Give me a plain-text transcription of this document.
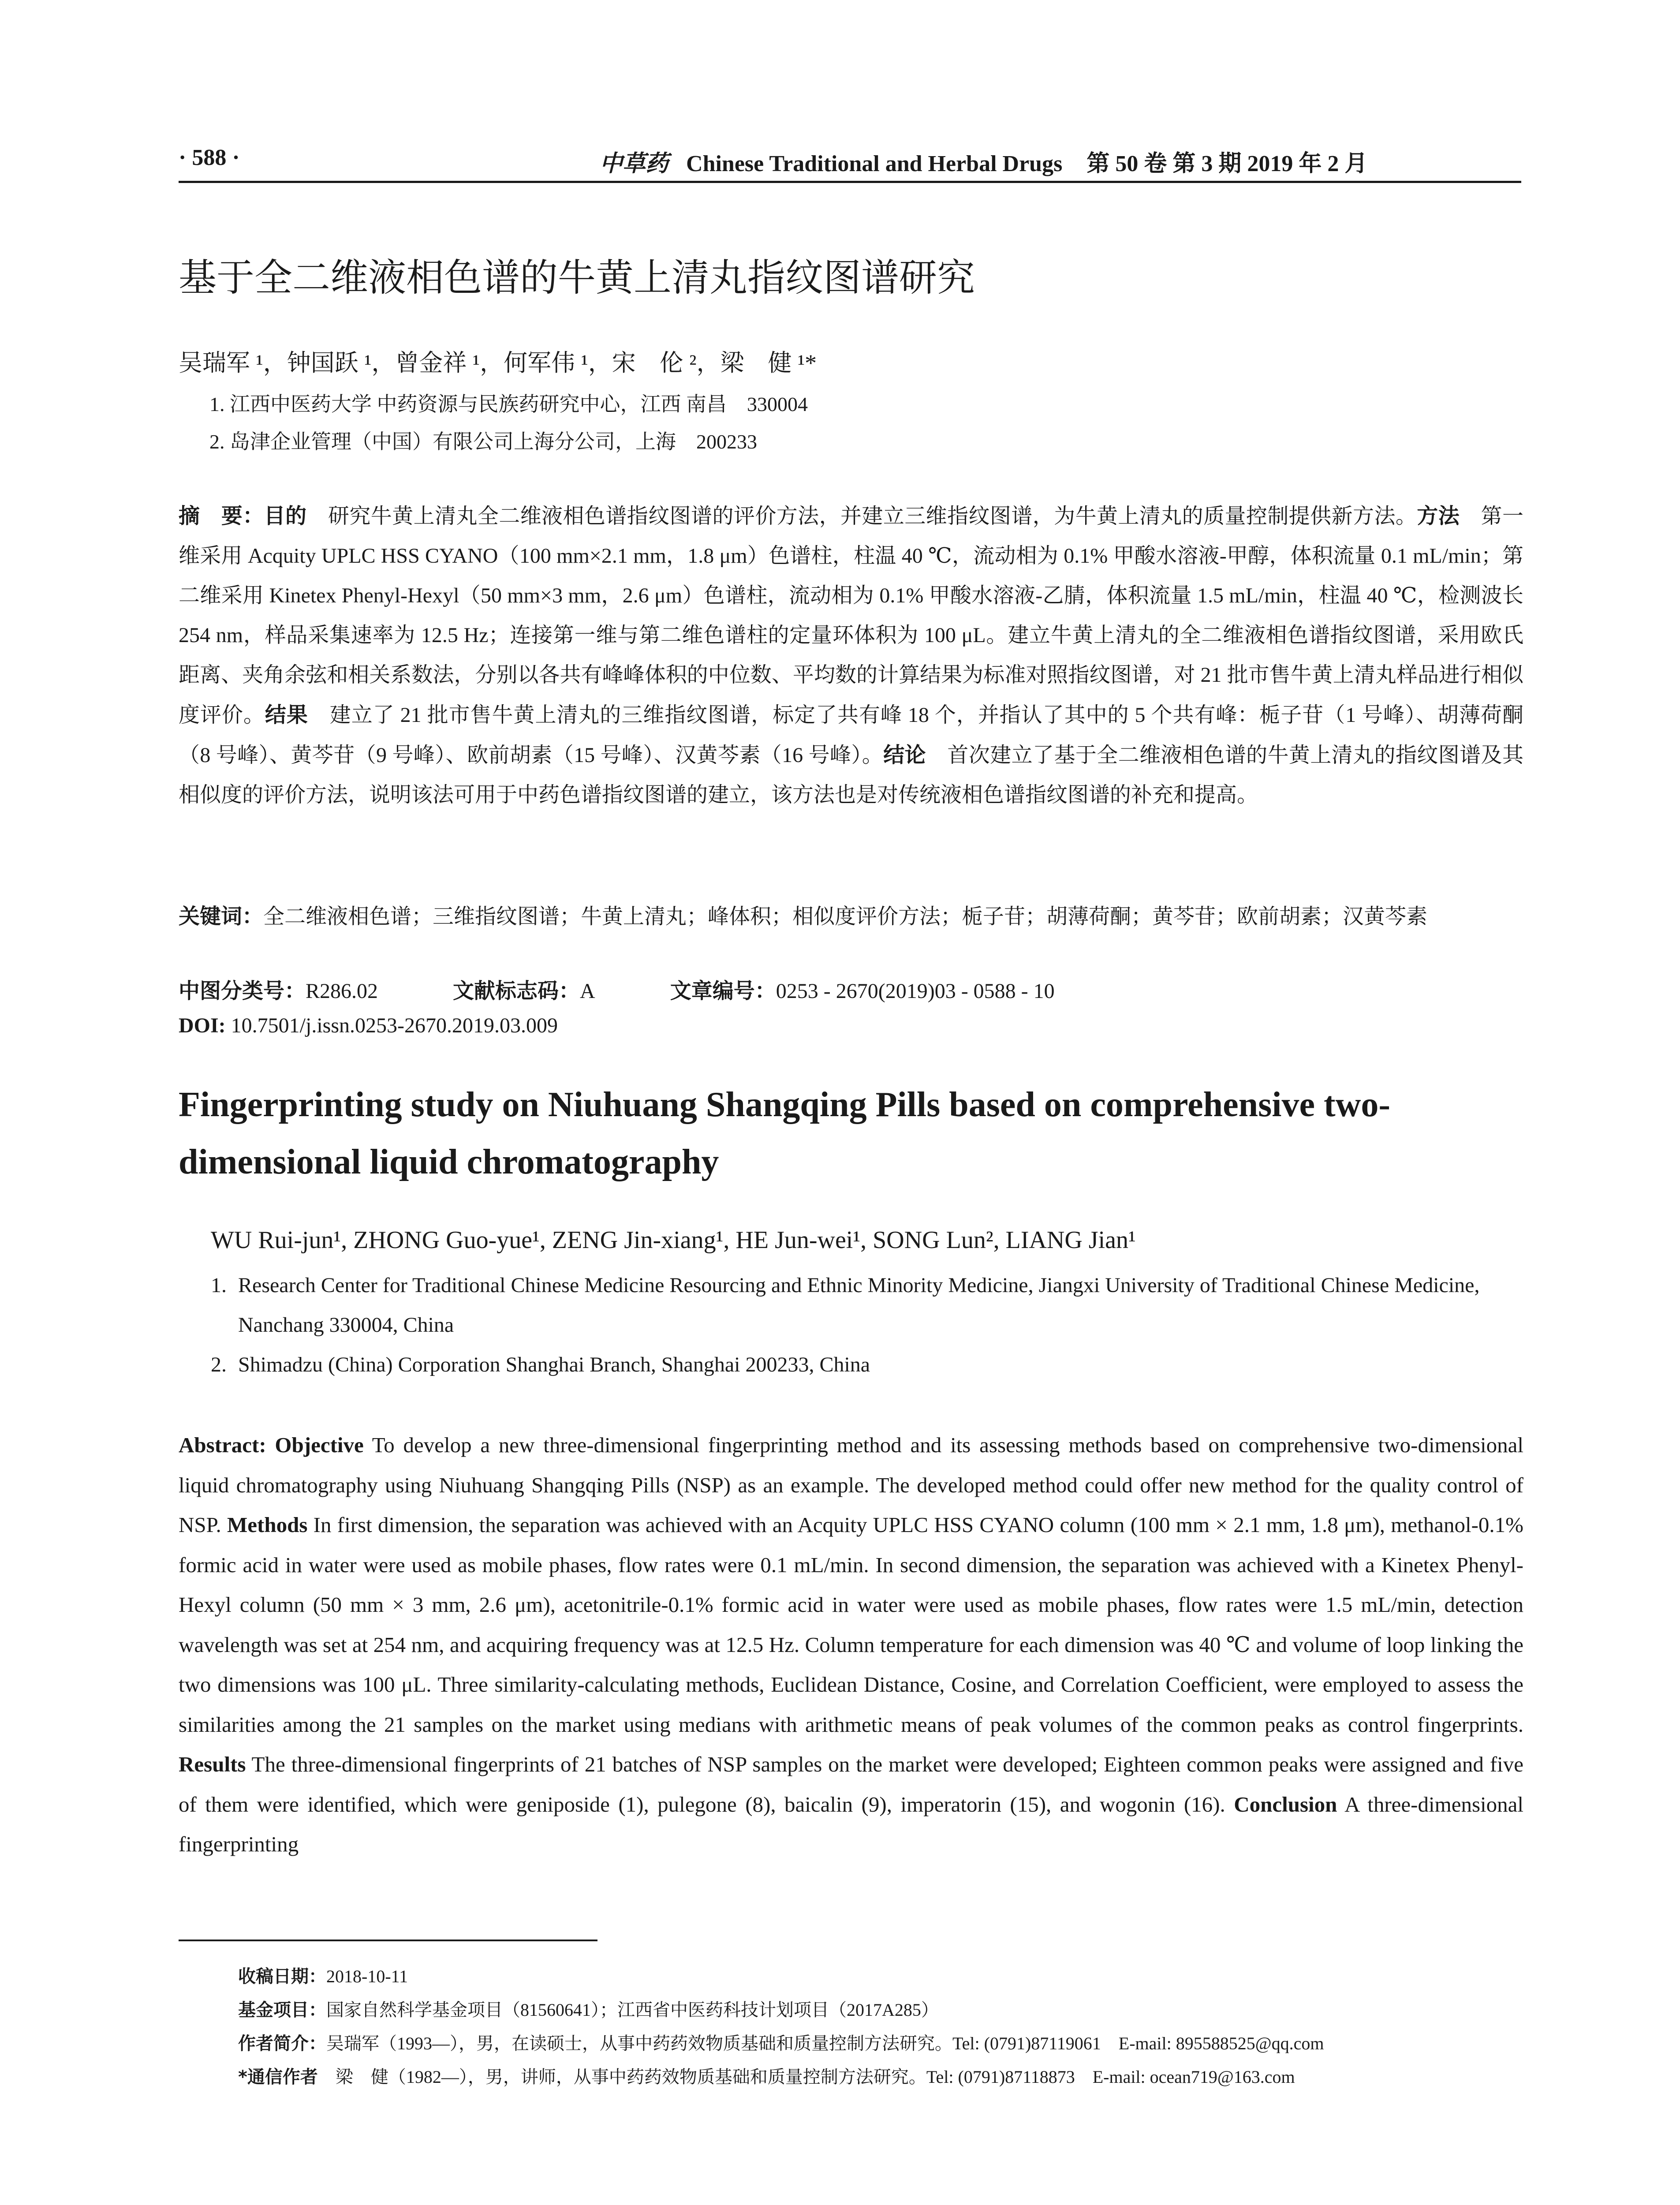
· 588 ·	中草药 Chinese Traditional and Herbal Drugs 第 50 卷 第 3 期 2019 年 2 月
基于全二维液相色谱的牛黄上清丸指纹图谱研究
吴瑞军 ¹，钟国跃 ¹，曾金祥 ¹，何军伟 ¹，宋　伦 ²，梁　健 ¹*
1. 江西中医药大学 中药资源与民族药研究中心，江西 南昌　330004
2. 岛津企业管理（中国）有限公司上海分公司，上海　200233
摘　要：目的　研究牛黄上清丸全二维液相色谱指纹图谱的评价方法，并建立三维指纹图谱，为牛黄上清丸的质量控制提供新方法。方法　第一维采用 Acquity UPLC HSS CYANO（100 mm×2.1 mm，1.8 μm）色谱柱，柱温 40 ℃，流动相为 0.1% 甲酸水溶液-甲醇，体积流量 0.1 mL/min；第二维采用 Kinetex Phenyl-Hexyl（50 mm×3 mm，2.6 μm）色谱柱，流动相为 0.1% 甲酸水溶液-乙腈，体积流量 1.5 mL/min，柱温 40 ℃，检测波长 254 nm，样品采集速率为 12.5 Hz；连接第一维与第二维色谱柱的定量环体积为 100 μL。建立牛黄上清丸的全二维液相色谱指纹图谱，采用欧氏距离、夹角余弦和相关系数法，分别以各共有峰峰体积的中位数、平均数的计算结果为标准对照指纹图谱，对 21 批市售牛黄上清丸样品进行相似度评价。结果　建立了 21 批市售牛黄上清丸的三维指纹图谱，标定了共有峰 18 个，并指认了其中的 5 个共有峰：栀子苷（1 号峰）、胡薄荷酮（8 号峰）、黄芩苷（9 号峰）、欧前胡素（15 号峰）、汉黄芩素（16 号峰）。结论　首次建立了基于全二维液相色谱的牛黄上清丸的指纹图谱及其相似度的评价方法，说明该法可用于中药色谱指纹图谱的建立，该方法也是对传统液相色谱指纹图谱的补充和提高。
关键词：全二维液相色谱；三维指纹图谱；牛黄上清丸；峰体积；相似度评价方法；栀子苷；胡薄荷酮；黄芩苷；欧前胡素；汉黄芩素
中图分类号：R286.02	文献标志码：A	文章编号：0253 - 2670(2019)03 - 0588 - 10
DOI: 10.7501/j.issn.0253-2670.2019.03.009
Fingerprinting study on Niuhuang Shangqing Pills based on comprehensive two-dimensional liquid chromatography
WU Rui-jun¹, ZHONG Guo-yue¹, ZENG Jin-xiang¹, HE Jun-wei¹, SONG Lun², LIANG Jian¹
1. Research Center for Traditional Chinese Medicine Resourcing and Ethnic Minority Medicine, Jiangxi University of Traditional Chinese Medicine, Nanchang 330004, China
2. Shimadzu (China) Corporation Shanghai Branch, Shanghai 200233, China
Abstract: Objective To develop a new three-dimensional fingerprinting method and its assessing methods based on comprehensive two-dimensional liquid chromatography using Niuhuang Shangqing Pills (NSP) as an example. The developed method could offer new method for the quality control of NSP. Methods In first dimension, the separation was achieved with an Acquity UPLC HSS CYANO column (100 mm × 2.1 mm, 1.8 μm), methanol-0.1% formic acid in water were used as mobile phases, flow rates were 0.1 mL/min. In second dimension, the separation was achieved with a Kinetex Phenyl-Hexyl column (50 mm × 3 mm, 2.6 μm), acetonitrile-0.1% formic acid in water were used as mobile phases, flow rates were 1.5 mL/min, detection wavelength was set at 254 nm, and acquiring frequency was at 12.5 Hz. Column temperature for each dimension was 40 ℃ and volume of loop linking the two dimensions was 100 μL. Three similarity-calculating methods, Euclidean Distance, Cosine, and Correlation Coefficient, were employed to assess the similarities among the 21 samples on the market using medians with arithmetic means of peak volumes of the common peaks as control fingerprints. Results The three-dimensional fingerprints of 21 batches of NSP samples on the market were developed; Eighteen common peaks were assigned and five of them were identified, which were geniposide (1), pulegone (8), baicalin (9), imperatorin (15), and wogonin (16). Conclusion A three-dimensional fingerprinting
收稿日期：2018-10-11
基金项目：国家自然科学基金项目（81560641）；江西省中医药科技计划项目（2017A285）
作者简介：吴瑞军（1993—），男，在读硕士，从事中药药效物质基础和质量控制方法研究。Tel: (0791)87119061　E-mail: 895588525@qq.com
*通信作者　梁　健（1982—），男，讲师，从事中药药效物质基础和质量控制方法研究。Tel: (0791)87118873　E-mail: ocean719@163.com
